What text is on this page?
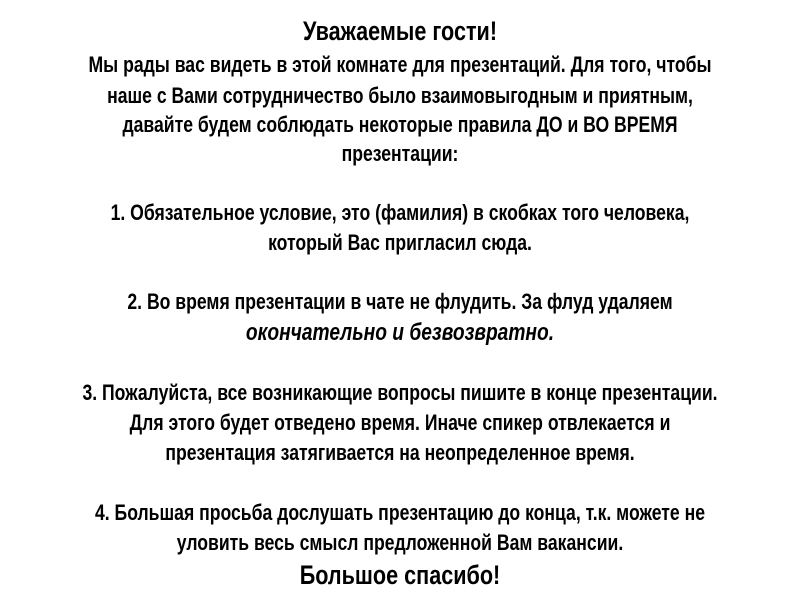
Уважаемые гости!
Мы рады вас видеть в этой комнате для презентаций. Для того, чтобы
наше с Вами сотрудничество было взаимовыгодным и приятным,
давайте будем соблюдать некоторые правила ДО и ВО ВРЕМЯ
презентации:
1. Обязательное условие, это (фамилия) в скобках того человека,
который Вас пригласил сюда.
2. Во время презентации в чате не флудить. За флуд удаляем
окончательно и безвозвратно.
3. Пожалуйста, все возникающие вопросы пишите в конце презентации.
Для этого будет отведено время. Иначе спикер отвлекается и
презентация затягивается на неопределенное время.
4. Большая просьба дослушать презентацию до конца, т.к. можете не
уловить весь смысл предложенной Вам вакансии.
Большое спасибо!
